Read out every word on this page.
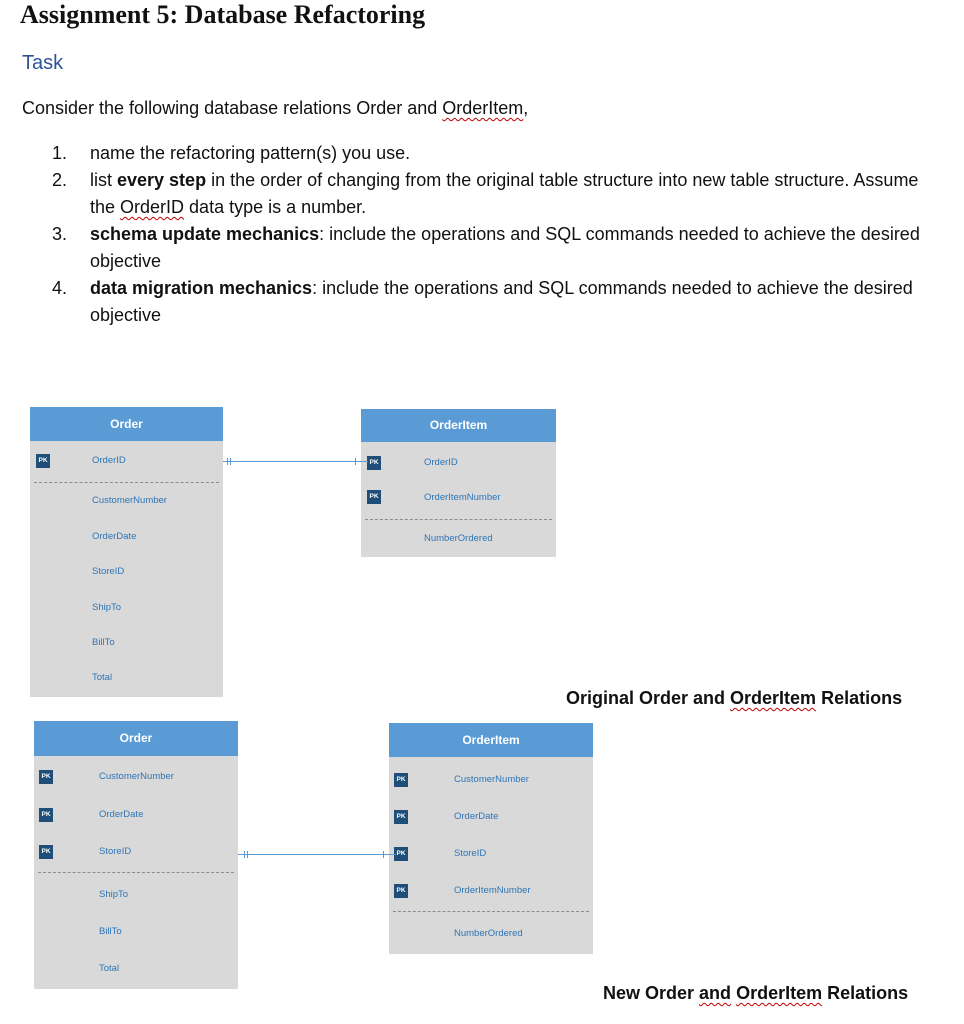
Assignment 5: Database Refactoring
Task
Consider the following database relations Order and OrderItem,
1. name the refactoring pattern(s) you use.
2. list every step in the order of changing from the original table structure into new table structure. Assume the OrderID data type is a number.
3. schema update mechanics: include the operations and SQL commands needed to achieve the desired objective
4. data migration mechanics: include the operations and SQL commands needed to achieve the desired objective
Order
PK	OrderID
CustomerNumber
OrderDate
StoreID
ShipTo
BillTo
Total
OrderItem
PK	OrderID
PK	OrderItemNumber
NumberOrdered
Original Order and OrderItem Relations
Order
PK	CustomerNumber
PK	OrderDate
PK	StoreID
ShipTo
BillTo
Total
OrderItem
PK	CustomerNumber
PK	OrderDate
PK	StoreID
PK	OrderItemNumber
NumberOrdered
New Order and OrderItem Relations
